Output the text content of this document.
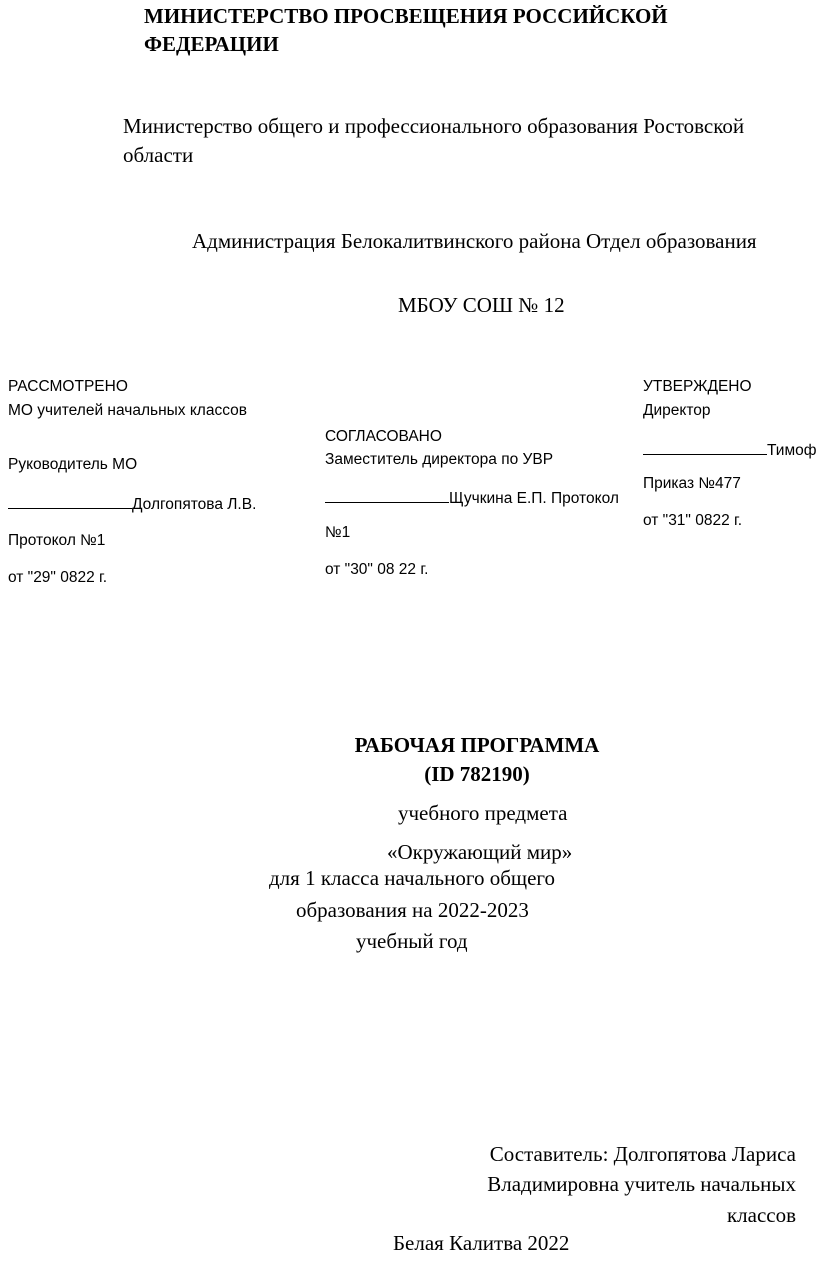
МИНИСТЕРСТВО ПРОСВЕЩЕНИЯ РОССИЙСКОЙ
ФЕДЕРАЦИИ
Министерство общего и профессионального образования Ростовской
области
Администрация Белокалитвинского района Отдел образования
МБОУ СОШ № 12
РАССМОТРЕНО
МО учителей начальных классов
Руководитель МО
Долгопятова Л.В.
Протокол №1
от "29" 0822 г.
СОГЛАСОВАНО
Заместитель директора по УВР
Щучкина Е.П. Протокол
№1
от "30" 08 22 г.
УТВЕРЖДЕНО
Директор
Тимоф
Приказ №477
от "31" 0822 г.
РАБОЧАЯ ПРОГРАММА
(ID 782190)
учебного предмета
«Окружающий мир»
для 1 класса начального общего
образования на 2022-2023
учебный год
Составитель: Долгопятова Лариса
Владимировна учитель начальных
классов
Белая Калитва 2022
